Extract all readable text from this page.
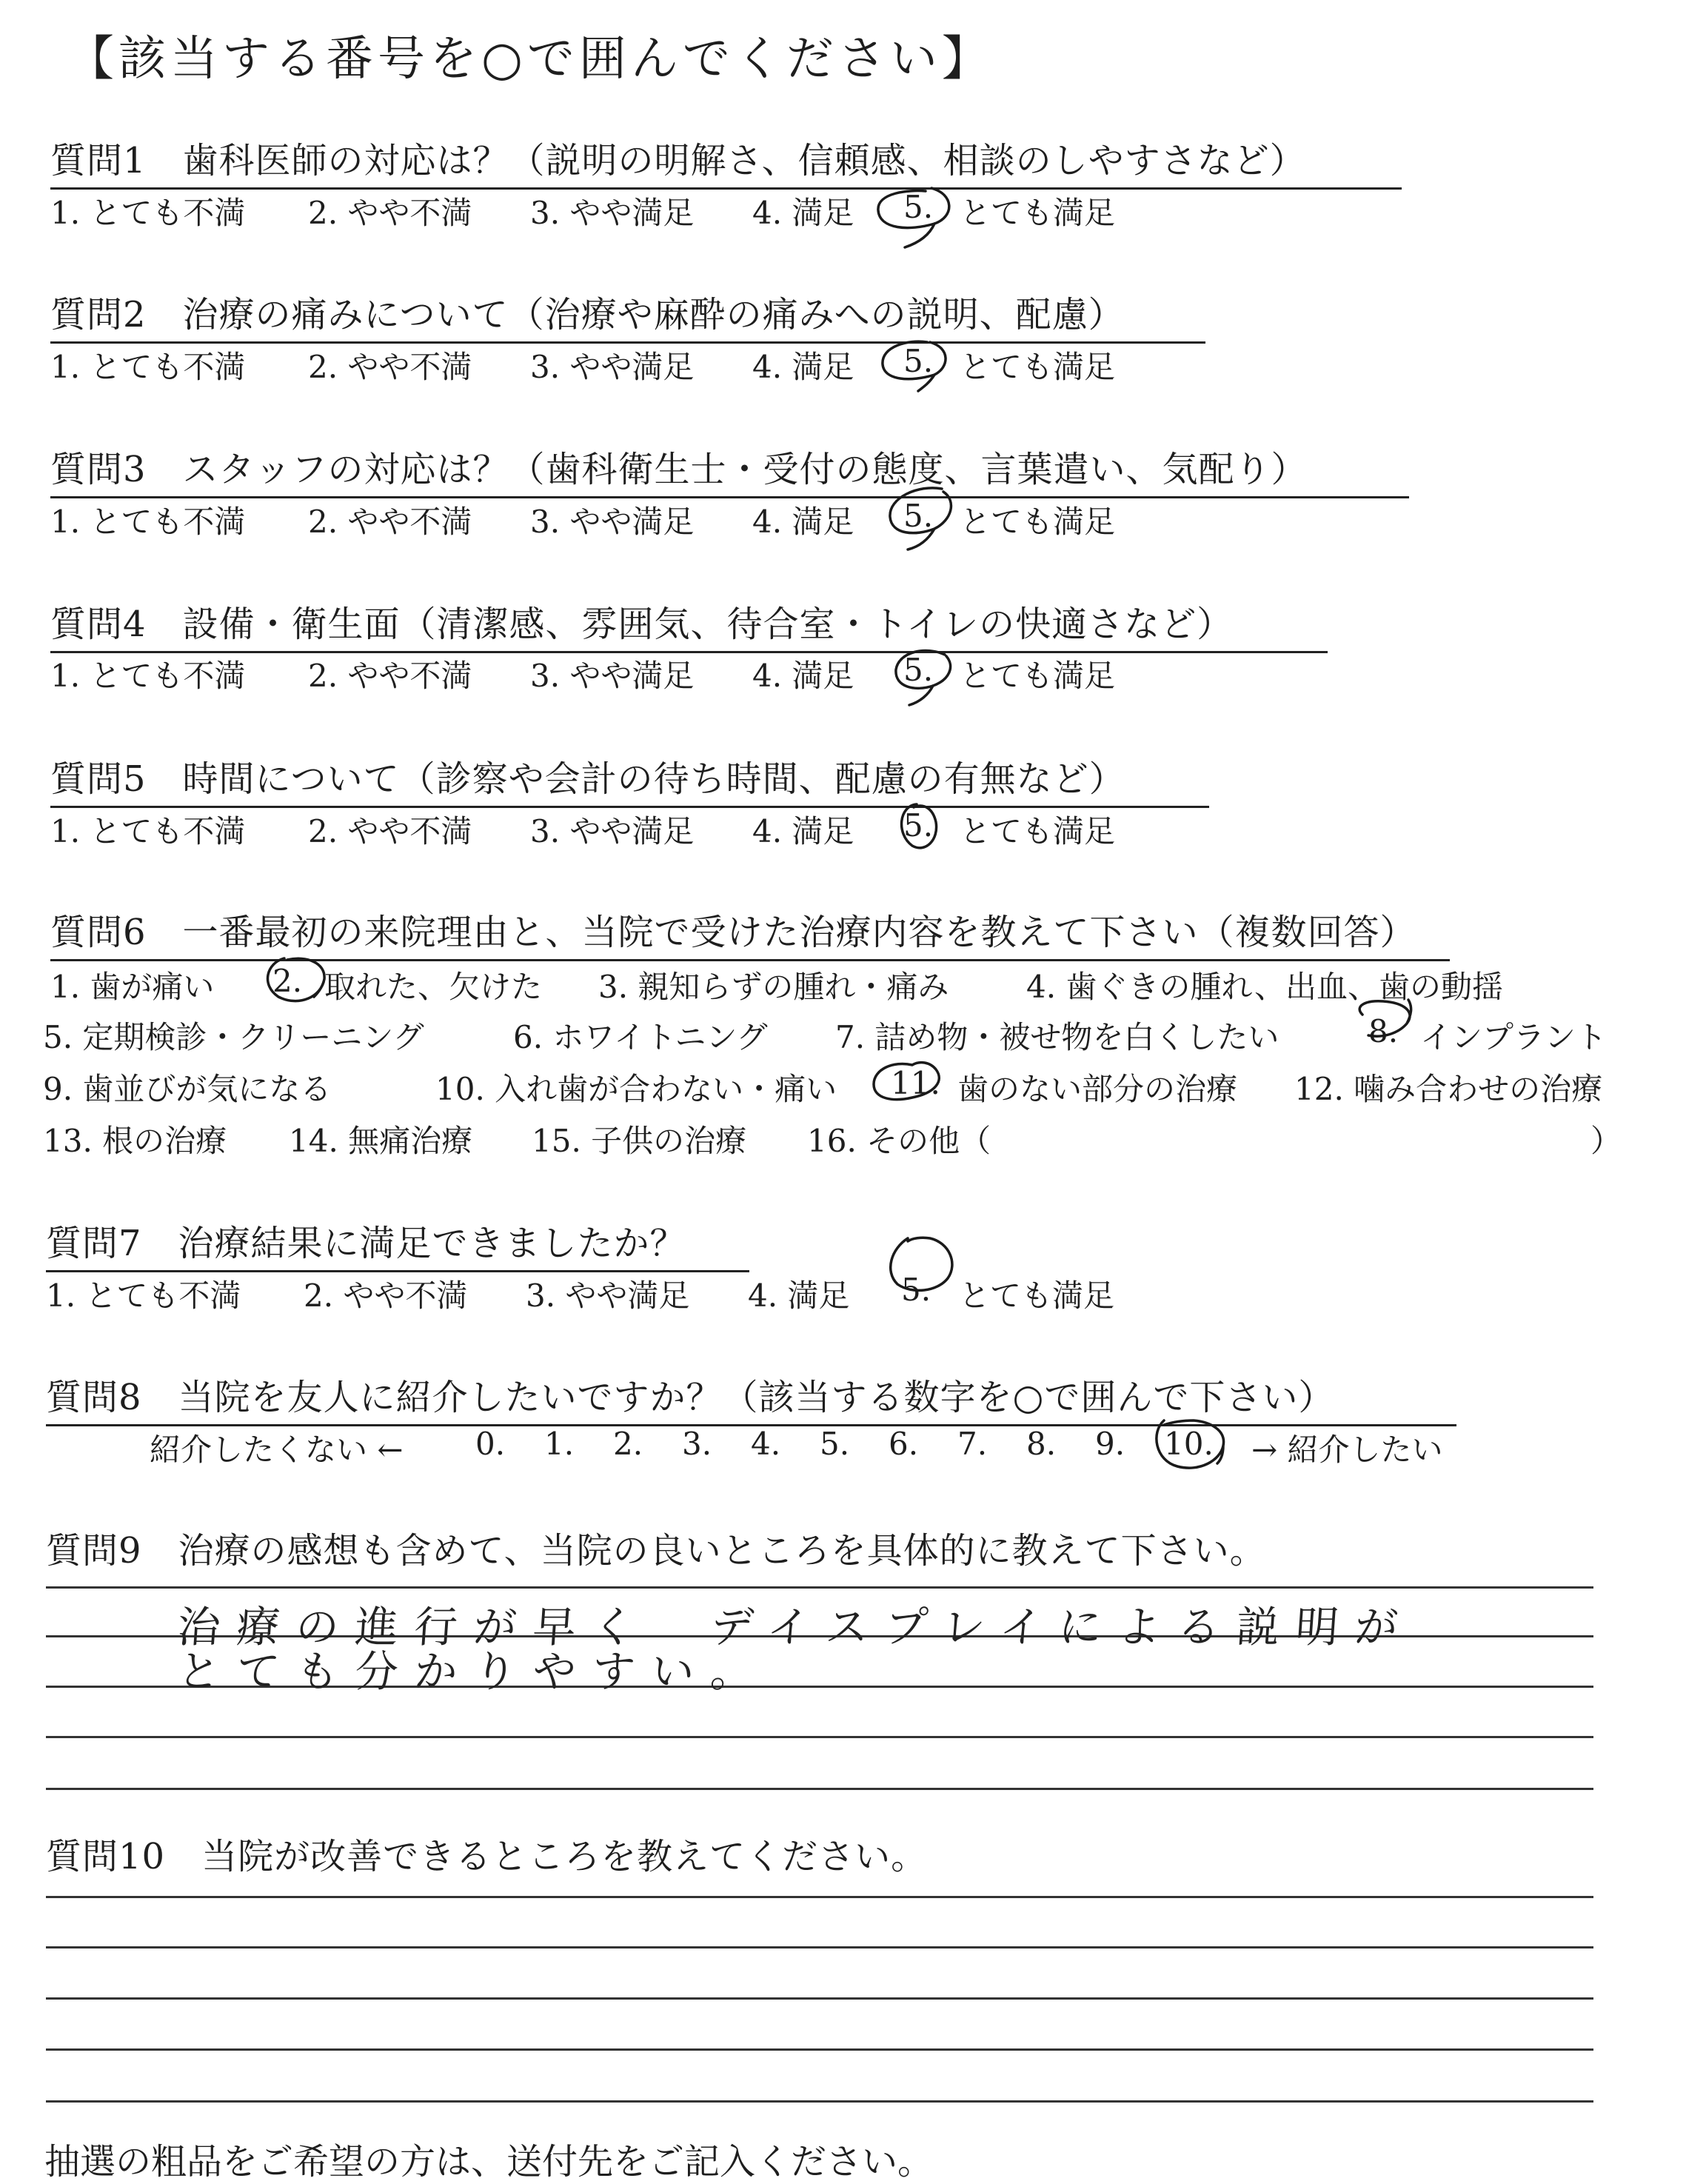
【該当する番号を○で囲んでください】
質問1　歯科医師の対応は？（説明の明解さ、信頼感、相談のしやすさなど）
1. とても不満 2. やや不満 3. やや満足 4. 満足 5. とても満足
質問2　治療の痛みについて（治療や麻酔の痛みへの説明、配慮）
1. とても不満 2. やや不満 3. やや満足 4. 満足 5. とても満足
質問3　スタッフの対応は？（歯科衛生士・受付の態度、言葉遣い、気配り）
1. とても不満 2. やや不満 3. やや満足 4. 満足 5. とても満足
質問4　設備・衛生面（清潔感、雰囲気、待合室・トイレの快適さなど）
1. とても不満 2. やや不満 3. やや満足 4. 満足 5. とても満足
質問5　時間について（診察や会計の待ち時間、配慮の有無など）
1. とても不満 2. やや不満 3. やや満足 4. 満足 5. とても満足
質問6　一番最初の来院理由と、当院で受けた治療内容を教えて下さい（複数回答）
1. 歯が痛い 2. 取れた、欠けた 3. 親知らずの腫れ・痛み 4. 歯ぐきの腫れ、出血、歯の動揺
5. 定期検診・クリーニング	6. ホワイトニング 7. 詰め物・被せ物を白くしたい	8. インプラント
9. 歯並びが気になる	10. 入れ歯が合わない・痛い 11. 歯のない部分の治療 12. 噛み合わせの治療
13. 根の治療 14. 無痛治療 15. 子供の治療 16. その他（	）
質問7　治療結果に満足できましたか？
1. とても不満 2. やや不満 3. やや満足 4. 満足 5. とても満足
質問8　当院を友人に紹介したいですか？（該当する数字を○で囲んで下さい）
紹介したくない ← 0. 1. 2. 3. 4. 5. 6. 7. 8. 9. 10. → 紹介したい
質問9　治療の感想も含めて、当院の良いところを具体的に教えて下さい。
治療の進行が早く　デイスプレイによる説明が
とても分かりやすい。
質問10　当院が改善できるところを教えてください。
抽選の粗品をご希望の方は、送付先をご記入ください。
